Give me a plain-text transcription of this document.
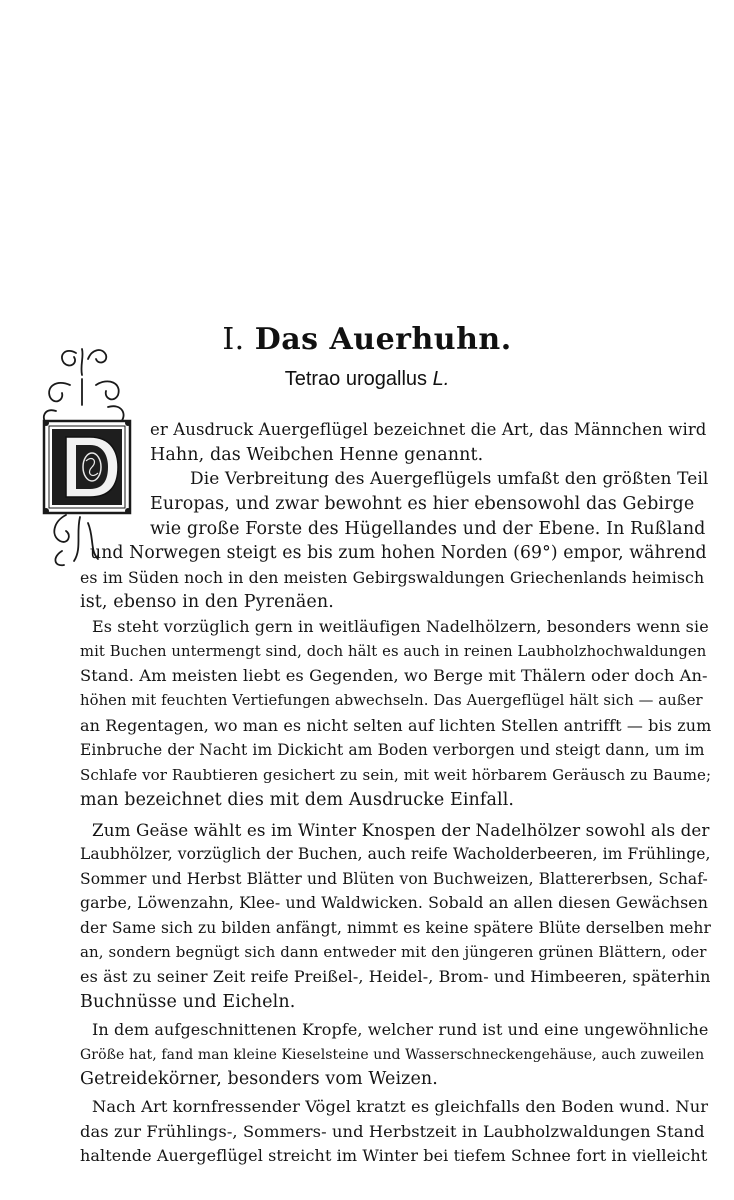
I. Das Auerhuhn.
Tetrao urogallus L.
er Ausdruck Auergeflügel bezeichnet die Art, das Männchen wird
Hahn, das Weibchen Henne genannt.
Die Verbreitung des Auergeflügels umfaßt den größten Teil
Europas, und zwar bewohnt es hier ebensowohl das Gebirge
wie große Forste des Hügellandes und der Ebene. In Rußland
und Norwegen steigt es bis zum hohen Norden (69°) empor, während
es im Süden noch in den meisten Gebirgswaldungen Griechenlands heimisch
ist, ebenso in den Pyrenäen.
Es steht vorzüglich gern in weitläufigen Nadelhölzern, besonders wenn sie
mit Buchen untermengt sind, doch hält es auch in reinen Laubholzhochwaldungen
Stand. Am meisten liebt es Gegenden, wo Berge mit Thälern oder doch An-
höhen mit feuchten Vertiefungen abwechseln. Das Auergeflügel hält sich — außer
an Regentagen, wo man es nicht selten auf lichten Stellen antrifft — bis zum
Einbruche der Nacht im Dickicht am Boden verborgen und steigt dann, um im
Schlafe vor Raubtieren gesichert zu sein, mit weit hörbarem Geräusch zu Baume;
man bezeichnet dies mit dem Ausdrucke Einfall.
Zum Geäse wählt es im Winter Knospen der Nadelhölzer sowohl als der
Laubhölzer, vorzüglich der Buchen, auch reife Wacholderbeeren, im Frühlinge,
Sommer und Herbst Blätter und Blüten von Buchweizen, Blattererbsen, Schaf-
garbe, Löwenzahn, Klee- und Waldwicken. Sobald an allen diesen Gewächsen
der Same sich zu bilden anfängt, nimmt es keine spätere Blüte derselben mehr
an, sondern begnügt sich dann entweder mit den jüngeren grünen Blättern, oder
es äst zu seiner Zeit reife Preißel-, Heidel-, Brom- und Himbeeren, späterhin
Buchnüsse und Eicheln.
In dem aufgeschnittenen Kropfe, welcher rund ist und eine ungewöhnliche
Größe hat, fand man kleine Kieselsteine und Wasserschneckengehäuse, auch zuweilen
Getreidekörner, besonders vom Weizen.
Nach Art kornfressender Vögel kratzt es gleichfalls den Boden wund. Nur
das zur Frühlings-, Sommers- und Herbstzeit in Laubholzwaldungen Stand
haltende Auergeflügel streicht im Winter bei tiefem Schnee fort in vielleicht
